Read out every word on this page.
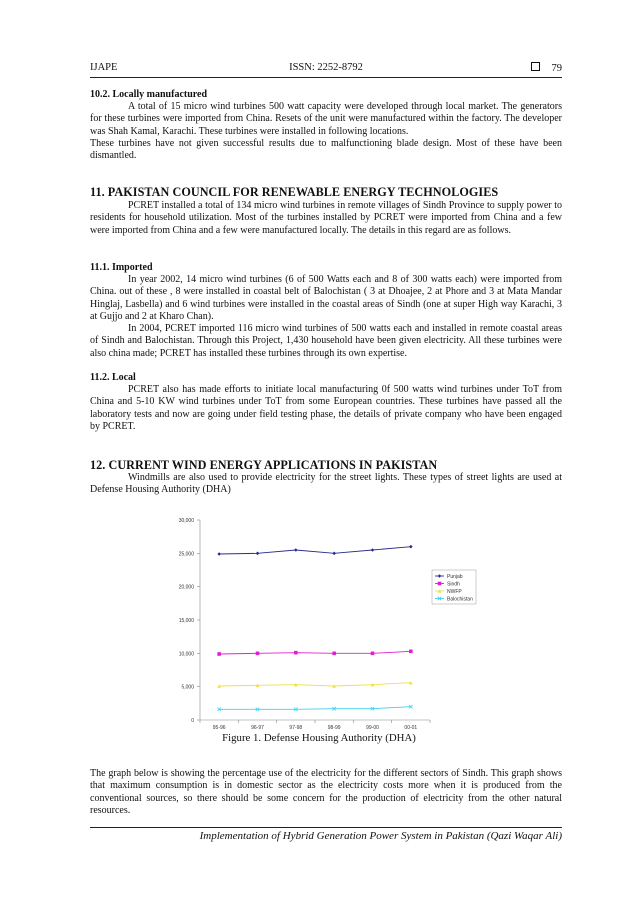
IJAPE	ISSN: 2252-8792	79
10.2. Locally manufactured
A total of 15 micro wind turbines 500 watt capacity were developed through local market. The generators for these turbines were imported from China. Resets of the unit were manufactured within the factory. The developer was Shah Kamal, Karachi. These turbines were installed in following locations.
These turbines have not given successful results due to malfunctioning blade design. Most of these have been dismantled.
11. PAKISTAN COUNCIL FOR RENEWABLE ENERGY TECHNOLOGIES
PCRET installed a total of 134 micro wind turbines in remote villages of Sindh Province to supply power to residents for household utilization. Most of the turbines installed by PCRET were imported from China and a few were imported from China and a few were manufactured locally. The details in this regard are as follows.
11.1. Imported
In year 2002, 14 micro wind turbines (6 of 500 Watts each and 8 of 300 watts each) were imported from China. out of these , 8 were installed in coastal belt of Balochistan ( 3 at Dhoajee, 2 at Phore and 3 at Mata Mandar Hinglaj, Lasbella) and 6 wind turbines were installed in the coastal areas of Sindh (one at super High way Karachi, 3 at Gujjo and 2 at Kharo Chan).
In 2004, PCRET imported 116 micro wind turbines of 500 watts each and installed in remote coastal areas of Sindh and Balochistan. Through this Project, 1,430 household have been given electricity. All these turbines were also china made; PCRET has installed these turbines through its own expertise.
11.2. Local
PCRET also has made efforts to initiate local manufacturing 0f 500 watts wind turbines under ToT from China and 5-10 KW wind turbines under ToT from some European countries. These turbines have passed all the laboratory tests and now are going under field testing phase, the details of private company who have been engaged by PCRET.
12. CURRENT WIND ENERGY APPLICATIONS IN PAKISTAN
Windmills are also used to provide electricity for the street lights. These types of street lights are used at Defense Housing Authority (DHA)
0
5,000
10,000
15,000
20,000
25,000
30,000
95-96	96-97	97-98	98-99	99-00	00-01
Punjab
Sindh
NWFP
Balochistan
Figure 1. Defense Housing Authority (DHA)
The graph below is showing the percentage use of the electricity for the different sectors of Sindh. This graph shows that maximum consumption is in domestic sector as the electricity costs more when it is produced from the conventional sources, so there should be some concern for the production of electricity from the other natural resources.
Implementation of Hybrid Generation Power System in Pakistan (Qazi Waqar Ali)
